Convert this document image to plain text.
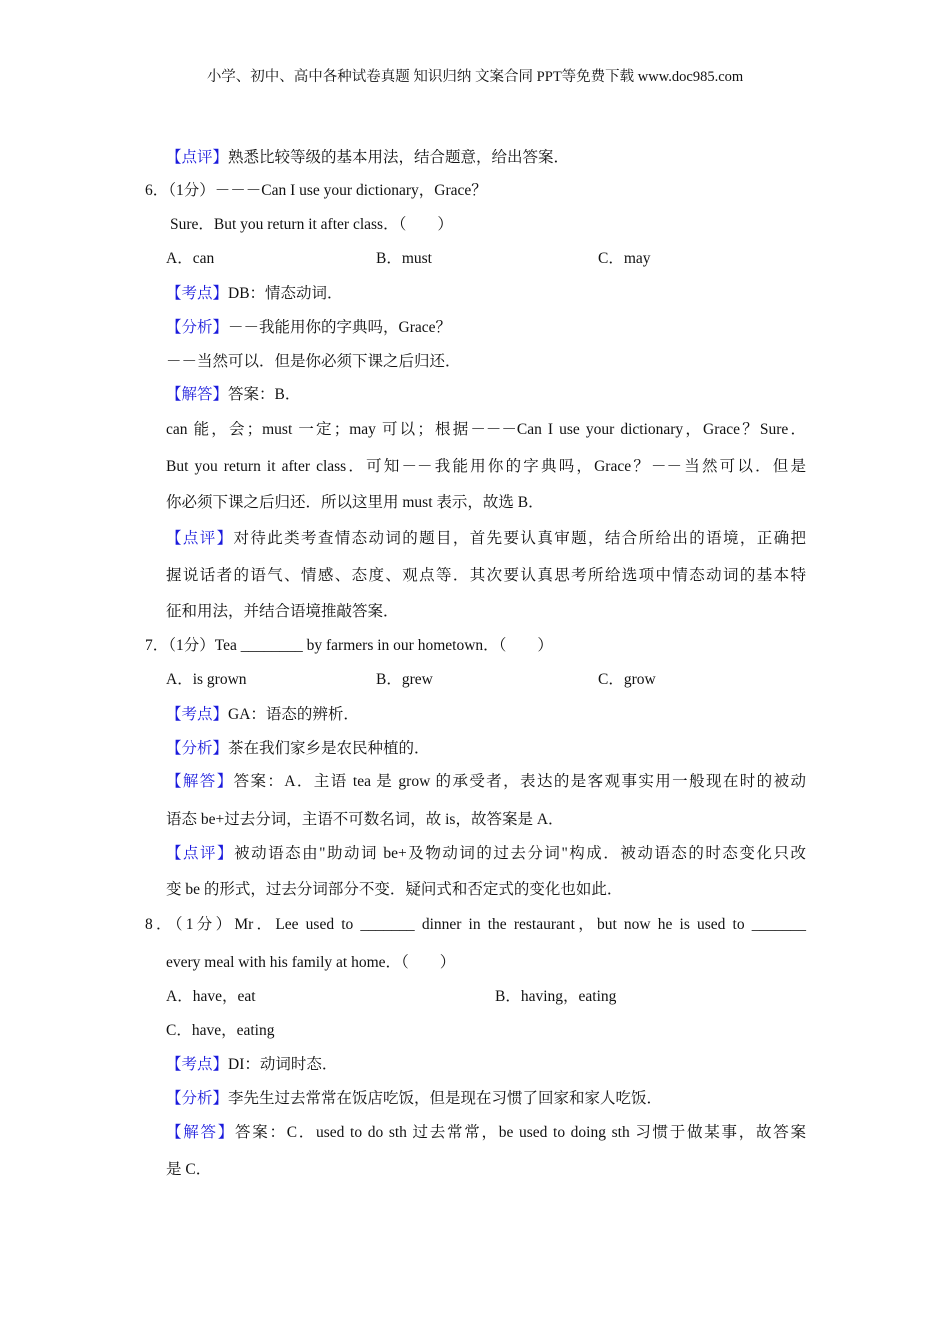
小学、初中、高中各种试卷真题 知识归纳 文案合同 PPT等免费下载 www.doc985.com
【点评】熟悉比较等级的基本用法，结合题意，给出答案．
6．（1分）－－－Can I use your dictionary，Grace？
Sure．But you return it after class．（　　）
A．can	B．must	C．may
【考点】DB：情态动词．
【分析】－－我能用你的字典吗，Grace？
－－当然可以．但是你必须下课之后归还．
【解答】答案：B．
can 能，会；must 一定；may 可以；根据－－－Can I use your dictionary，Grace？Sure．
But you return it after class．可知－－我能用你的字典吗，Grace？－－当然可以．但是
你必须下课之后归还．所以这里用 must 表示，故选 B．
【点评】对待此类考查情态动词的题目，首先要认真审题，结合所给出的语境，正确把
握说话者的语气、情感、态度、观点等．其次要认真思考所给选项中情态动词的基本特
征和用法，并结合语境推敲答案．
7．（1分）Tea ________ by farmers in our hometown．（　　）
A．is grown	B．grew	C．grow
【考点】GA：语态的辨析．
【分析】茶在我们家乡是农民种植的．
【解答】答案：A．主语 tea 是 grow 的承受者，表达的是客观事实用一般现在时的被动
语态 be+过去分词，主语不可数名词，故 is，故答案是 A．
【点评】被动语态由"助动词 be+及物动词的过去分词"构成．被动语态的时态变化只改
变 be 的形式，过去分词部分不变．疑问式和否定式的变化也如此．
8．（1分）Mr．Lee used to _______ dinner in the restaurant，but now he is used to _______
every meal with his family at home．（　　）
A．have，eat	B．having，eating
C．have，eating
【考点】DI：动词时态．
【分析】李先生过去常常在饭店吃饭，但是现在习惯了回家和家人吃饭．
【解答】答案：C．used to do sth 过去常常，be used to doing sth 习惯于做某事，故答案
是 C．
